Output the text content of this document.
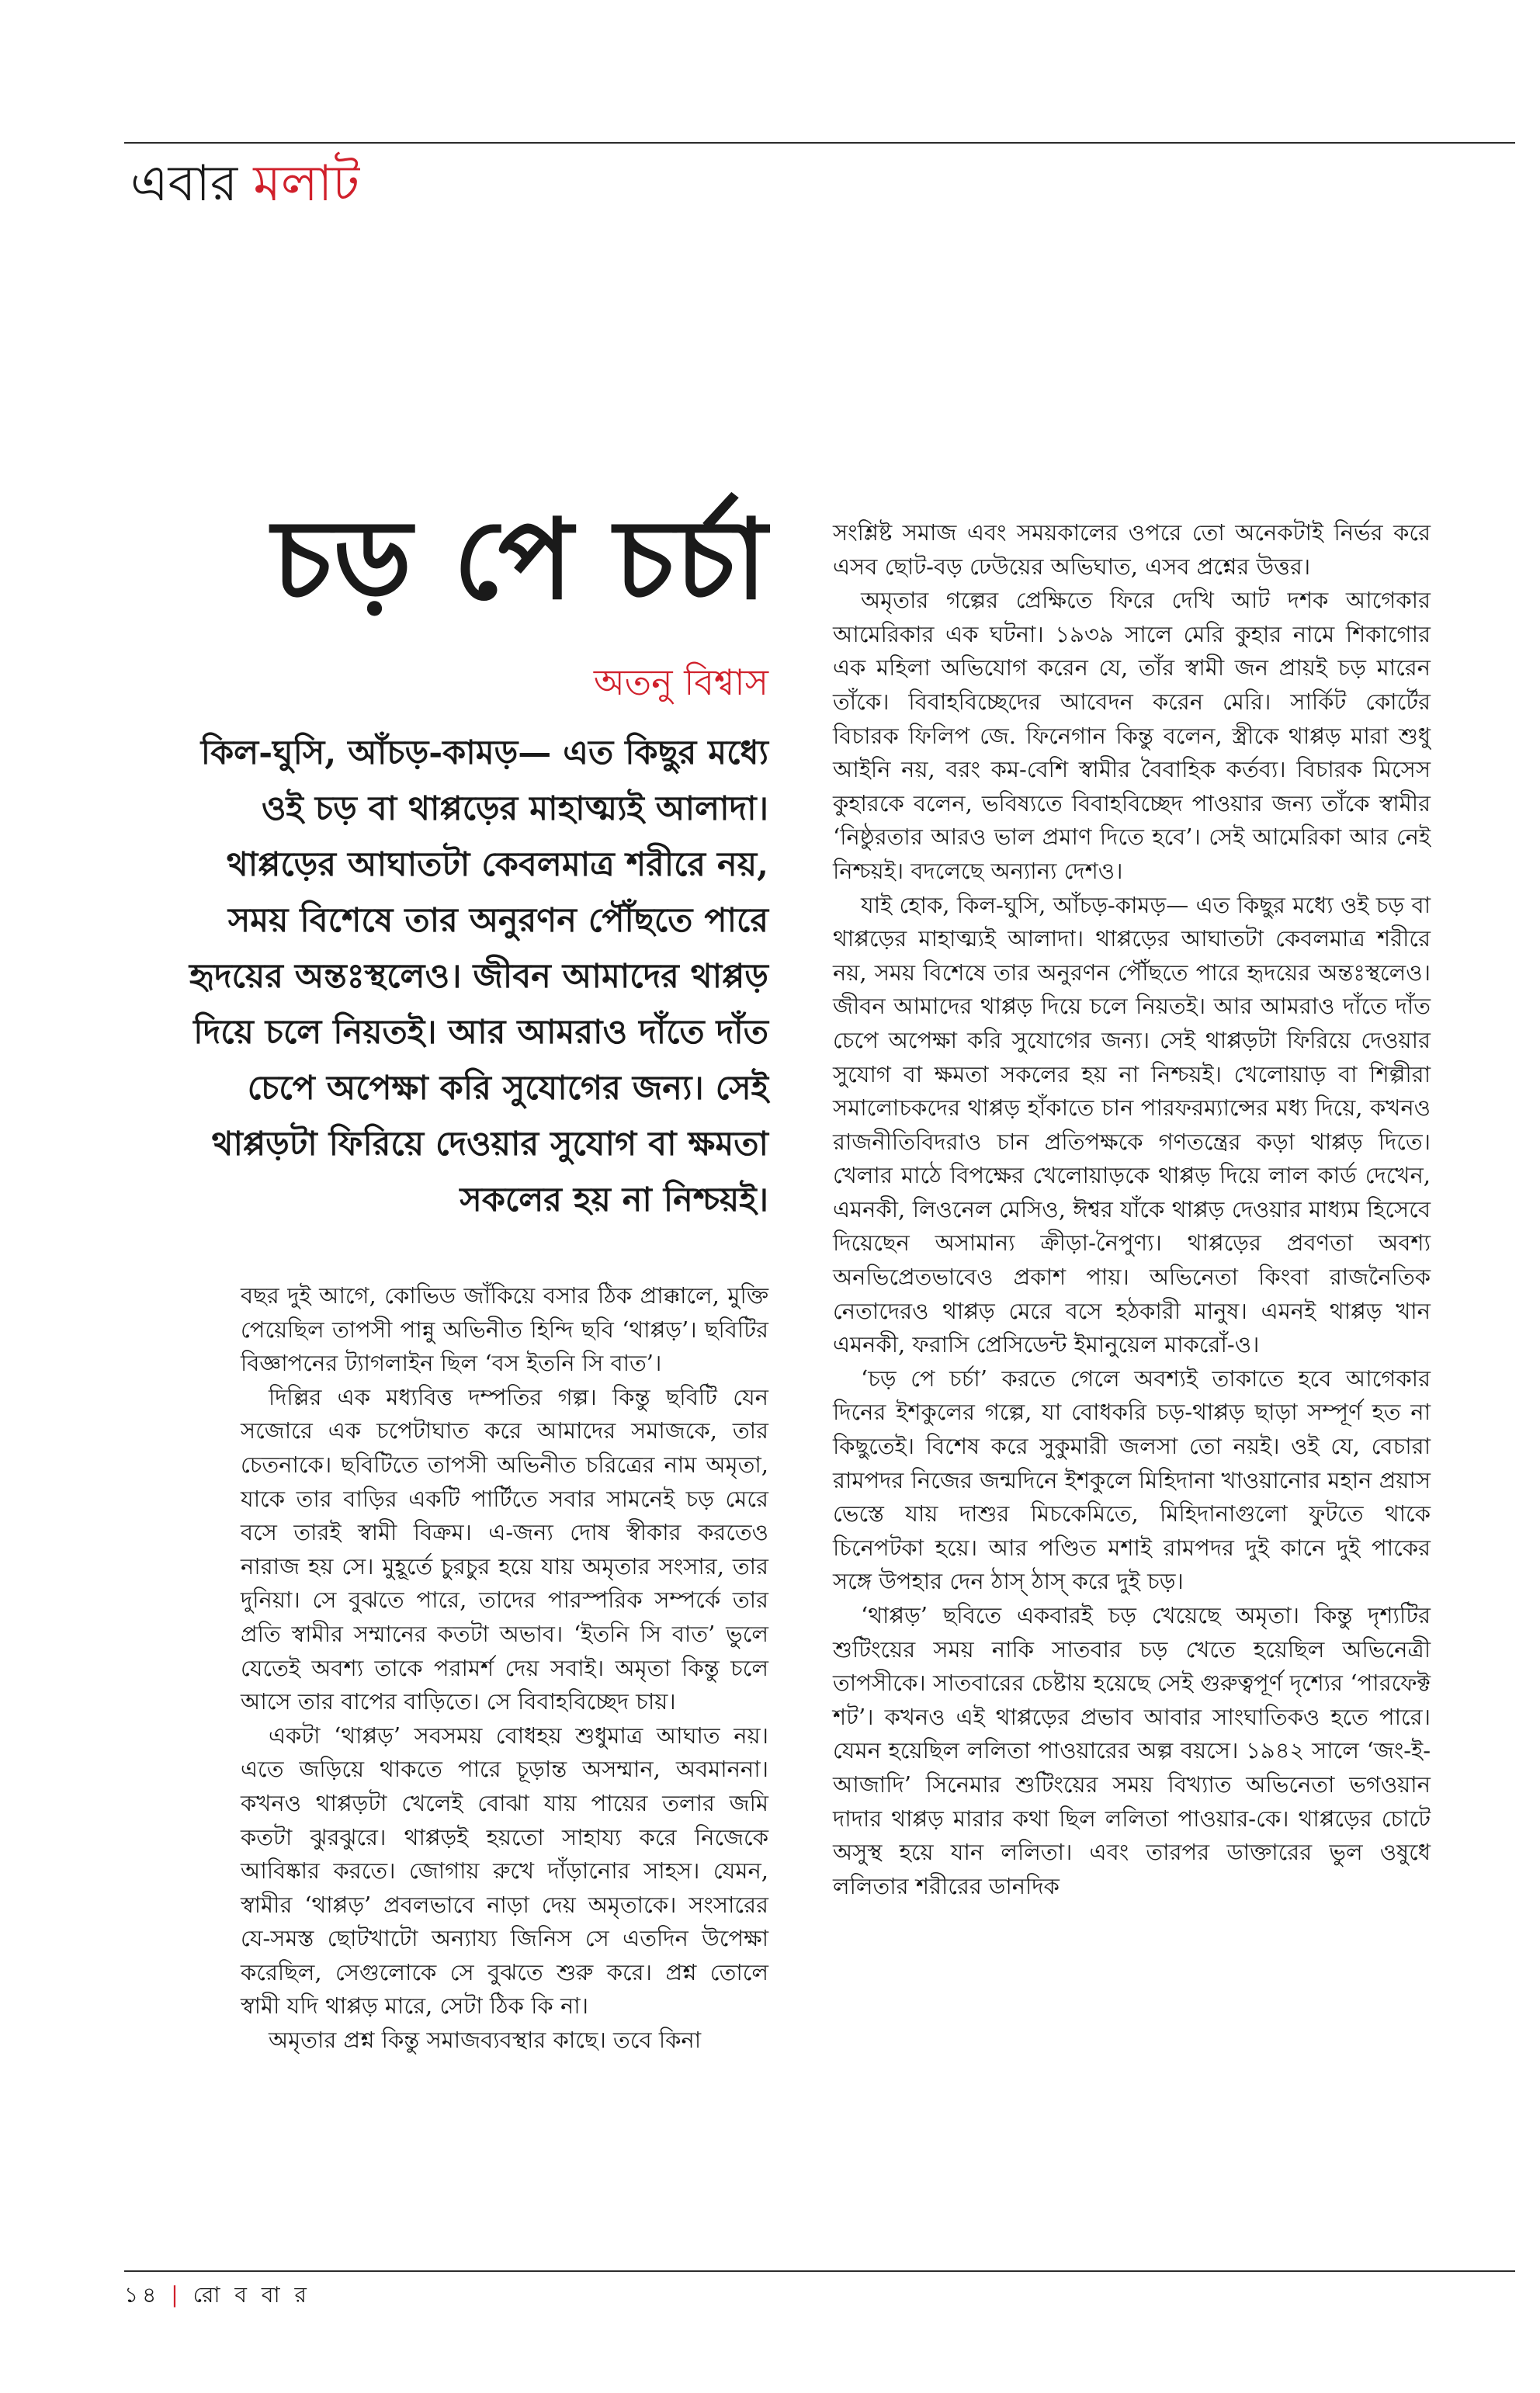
এবার মলাট
চড় পে চর্চা
অতনু বিশ্বাস
কিল-ঘুসি, আঁচড়-কামড়— এত কিছুর মধ্যে ওই চড় বা থাপ্পড়ের মাহাত্ম্যই আলাদা। থাপ্পড়ের আঘাতটা কেবলমাত্র শরীরে নয়, সময় বিশেষে তার অনুরণন পৌঁছতে পারে হৃদয়ের অন্তঃস্থলেও। জীবন আমাদের থাপ্পড় দিয়ে চলে নিয়তই। আর আমরাও দাঁতে দাঁত চেপে অপেক্ষা করি সুযোগের জন্য। সেই থাপ্পড়টা ফিরিয়ে দেওয়ার সুযোগ বা ক্ষমতা সকলের হয় না নিশ্চয়ই।

বছর দুই আগে, কোভিড জাঁকিয়ে বসার ঠিক প্রাক্কালে, মুক্তি পেয়েছিল তাপসী পান্নু অভিনীত হিন্দি ছবি ‘থাপ্পড়’। ছবিটির বিজ্ঞাপনের ট্যাগলাইন ছিল ‘বস ইতনি সি বাত’।

দিল্লির এক মধ্যবিত্ত দম্পতির গল্প। কিন্তু ছবিটি যেন সজোরে এক চপেটাঘাত করে আমাদের সমাজকে, তার চেতনাকে। ছবিটিতে তাপসী অভিনীত চরিত্রের নাম অমৃতা, যাকে তার বাড়ির একটি পার্টিতে সবার সামনেই চড় মেরে বসে তারই স্বামী বিক্রম। এ-জন্য দোষ স্বীকার করতেও নারাজ হয় সে। মুহূর্তে চুরচুর হয়ে যায় অমৃতার সংসার, তার দুনিয়া। সে বুঝতে পারে, তাদের পারস্পরিক সম্পর্কে তার প্রতি স্বামীর সম্মানের কতটা অভাব। ‘ইতনি সি বাত’ ভুলে যেতেই অবশ্য তাকে পরামর্শ দেয় সবাই। অমৃতা কিন্তু চলে আসে তার বাপের বাড়িতে। সে বিবাহবিচ্ছেদ চায়।

একটা ‘থাপ্পড়’ সবসময় বোধহয় শুধুমাত্র আঘাত নয়। এতে জড়িয়ে থাকতে পারে চূড়ান্ত অসম্মান, অবমাননা। কখনও থাপ্পড়টা খেলেই বোঝা যায় পায়ের তলার জমি কতটা ঝুরঝুরে। থাপ্পড়ই হয়তো সাহায্য করে নিজেকে আবিষ্কার করতে। জোগায় রুখে দাঁড়ানোর সাহস। যেমন, স্বামীর ‘থাপ্পড়’ প্রবলভাবে নাড়া দেয় অমৃতাকে। সংসারের যে-সমস্ত ছোটখাটো অন্যায্য জিনিস সে এতদিন উপেক্ষা করেছিল, সেগুলোকে সে বুঝতে শুরু করে। প্রশ্ন তোলে স্বামী যদি থাপ্পড় মারে, সেটা ঠিক কি না।

অমৃতার প্রশ্ন কিন্তু সমাজব্যবস্থার কাছে। তবে কিনা

সংশ্লিষ্ট সমাজ এবং সময়কালের ওপরে তো অনেকটাই নির্ভর করে এসব ছোট-বড় ঢেউয়ের অভিঘাত, এসব প্রশ্নের উত্তর।

অমৃতার গল্পের প্রেক্ষিতে ফিরে দেখি আট দশক আগেকার আমেরিকার এক ঘটনা। ১৯৩৯ সালে মেরি কুহার নামে শিকাগোর এক মহিলা অভিযোগ করেন যে, তাঁর স্বামী জন প্রায়ই চড় মারেন তাঁকে। বিবাহবিচ্ছেদের আবেদন করেন মেরি। সার্কিট কোর্টের বিচারক ফিলিপ জে. ফিনেগান কিন্তু বলেন, স্ত্রীকে থাপ্পড় মারা শুধু আইনি নয়, বরং কম-বেশি স্বামীর বৈবাহিক কর্তব্য। বিচারক মিসেস কুহারকে বলেন, ভবিষ্যতে বিবাহবিচ্ছেদ পাওয়ার জন্য তাঁকে স্বামীর ‘নিষ্ঠুরতার আরও ভাল প্রমাণ দিতে হবে’। সেই আমেরিকা আর নেই নিশ্চয়ই। বদলেছে অন্যান্য দেশও।

যাই হোক, কিল-ঘুসি, আঁচড়-কামড়— এত কিছুর মধ্যে ওই চড় বা থাপ্পড়ের মাহাত্ম্যই আলাদা। থাপ্পড়ের আঘাতটা কেবলমাত্র শরীরে নয়, সময় বিশেষে তার অনুরণন পৌঁছতে পারে হৃদয়ের অন্তঃস্থলেও। জীবন আমাদের থাপ্পড় দিয়ে চলে নিয়তই। আর আমরাও দাঁতে দাঁত চেপে অপেক্ষা করি সুযোগের জন্য। সেই থাপ্পড়টা ফিরিয়ে দেওয়ার সুযোগ বা ক্ষমতা সকলের হয় না নিশ্চয়ই। খেলোয়াড় বা শিল্পীরা সমালোচকদের থাপ্পড় হাঁকাতে চান পারফরম্যান্সের মধ্য দিয়ে, কখনও রাজনীতিবিদরাও চান প্রতিপক্ষকে গণতন্ত্রের কড়া থাপ্পড় দিতে। খেলার মাঠে বিপক্ষের খেলোয়াড়কে থাপ্পড় দিয়ে লাল কার্ড দেখেন, এমনকী, লিওনেল মেসিও, ঈশ্বর যাঁকে থাপ্পড় দেওয়ার মাধ্যম হিসেবে দিয়েছেন অসামান্য ক্রীড়া-নৈপুণ্য। থাপ্পড়ের প্রবণতা অবশ্য অনভিপ্রেতভাবেও প্রকাশ পায়। অভিনেতা কিংবা রাজনৈতিক নেতাদেরও থাপ্পড় মেরে বসে হঠকারী মানুষ। এমনই থাপ্পড় খান এমনকী, ফরাসি প্রেসিডেন্ট ইমানুয়েল মাকরোঁ-ও।

‘চড় পে চর্চা’ করতে গেলে অবশ্যই তাকাতে হবে আগেকার দিনের ইশকুলের গল্পে, যা বোধকরি চড়-থাপ্পড় ছাড়া সম্পূর্ণ হত না কিছুতেই। বিশেষ করে সুকুমারী জলসা তো নয়ই। ওই যে, বেচারা রামপদর নিজের জন্মদিনে ইশকুলে মিহিদানা খাওয়ানোর মহান প্রয়াস ভেস্তে যায় দাশুর মিচকেমিতে, মিহিদানাগুলো ফুটতে থাকে চিনেপটকা হয়ে। আর পণ্ডিত মশাই রামপদর দুই কানে দুই পাকের সঙ্গে উপহার দেন ঠাস্ ঠাস্ করে দুই চড়।

‘থাপ্পড়’ ছবিতে একবারই চড় খেয়েছে অমৃতা। কিন্তু দৃশ্যটির শুটিংয়ের সময় নাকি সাতবার চড় খেতে হয়েছিল অভিনেত্রী তাপসীকে। সাতবারের চেষ্টায় হয়েছে সেই গুরুত্বপূর্ণ দৃশ্যের ‘পারফেক্ট শট’। কখনও এই থাপ্পড়ের প্রভাব আবার সাংঘাতিকও হতে পারে। যেমন হয়েছিল ললিতা পাওয়ারের অল্প বয়সে। ১৯৪২ সালে ‘জং-ই-আজাদি’ সিনেমার শুটিংয়ের সময় বিখ্যাত অভিনেতা ভগওয়ান দাদার থাপ্পড় মারার কথা ছিল ললিতা পাওয়ার-কে। থাপ্পড়ের চোটে অসুস্থ হয়ে যান ললিতা। এবং তারপর ডাক্তারের ভুল ওষুধে ললিতার শরীরের ডানদিক

১৪ | রো ব বা র
